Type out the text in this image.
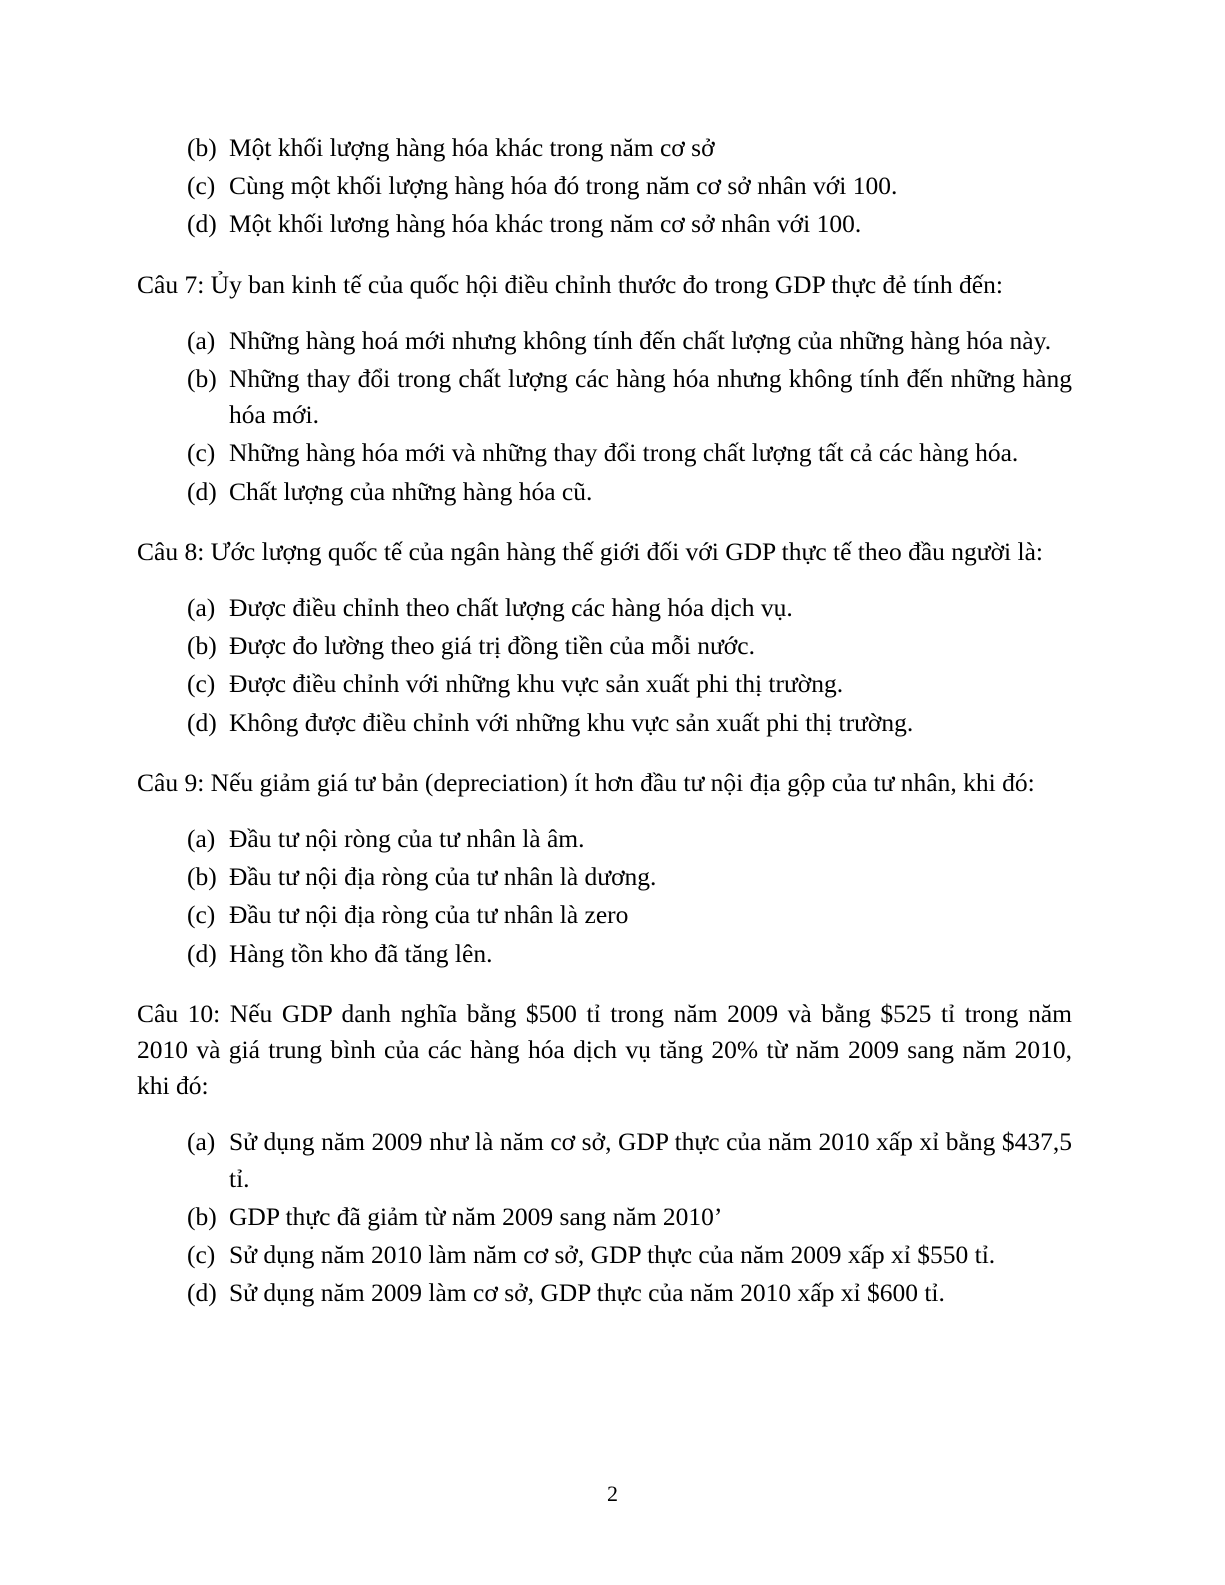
(b) Một khối lượng hàng hóa khác trong năm cơ sở
(c) Cùng một khối lượng hàng hóa đó trong năm cơ sở nhân với 100.
(d) Một khối lương hàng hóa khác trong năm cơ sở nhân với 100.

Câu 7: Ủy ban kinh tế của quốc hội điều chỉnh thước đo trong GDP thực đẻ tính đến:

(a) Những hàng hoá mới nhưng không tính đến chất lượng của những hàng hóa này.
(b) Những thay đổi trong chất lượng các hàng hóa nhưng không tính đến những hàng hóa mới.
(c) Những hàng hóa mới và những thay đổi trong chất lượng tất cả các hàng hóa.
(d) Chất lượng của những hàng hóa cũ.

Câu 8: Ước lượng quốc tế của ngân hàng thế giới đối với GDP thực tế theo đầu người là:

(a) Được điều chỉnh theo chất lượng các hàng hóa dịch vụ.
(b) Được đo lường theo giá trị đồng tiền của mỗi nước.
(c) Được điều chỉnh với những khu vực sản xuất phi thị trường.
(d) Không được điều chỉnh với những khu vực sản xuất phi thị trường.

Câu 9: Nếu giảm giá tư bản (depreciation) ít hơn đầu tư nội địa gộp của tư nhân, khi đó:

(a) Đầu tư nội ròng của tư nhân là âm.
(b) Đầu tư nội địa ròng của tư nhân là dương.
(c) Đầu tư nội địa ròng của tư nhân là zero
(d) Hàng tồn kho đã tăng lên.

Câu 10: Nếu GDP danh nghĩa bằng $500 tỉ trong năm 2009 và bằng $525 tỉ trong năm 2010 và giá trung bình của các hàng hóa dịch vụ tăng 20% từ năm 2009 sang năm 2010, khi đó:

(a) Sử dụng năm 2009 như là năm cơ sở, GDP thực của năm 2010 xấp xỉ bằng $437,5 tỉ.
(b) GDP thực đã giảm từ năm 2009 sang năm 2010’
(c) Sử dụng năm 2010 làm năm cơ sở, GDP thực của năm 2009 xấp xỉ $550 tỉ.
(d) Sử dụng năm 2009 làm cơ sở, GDP thực của năm 2010 xấp xỉ $600 tỉ.
2
